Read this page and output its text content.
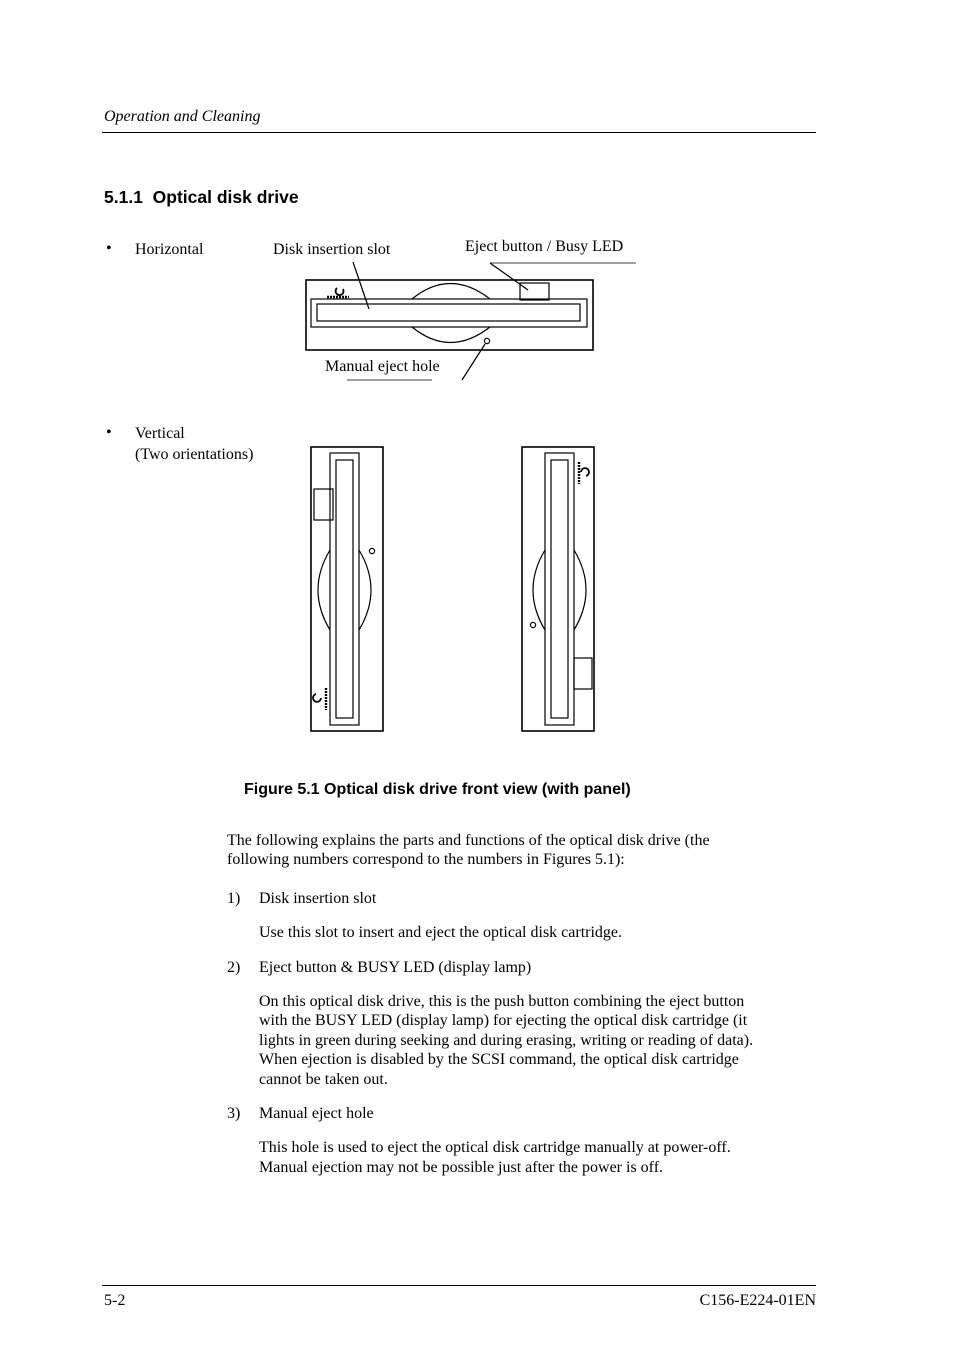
Operation and Cleaning
5.1.1 Optical disk drive
• Horizontal
• Vertical
(Two orientations)
Disk insertion slot	Eject button / Busy LED
Manual eject hole
Figure 5.1 Optical disk drive front view (with panel)
The following explains the parts and functions of the optical disk drive (the
following numbers correspond to the numbers in Figures 5.1):
1) Disk insertion slot
Use this slot to insert and eject the optical disk cartridge.
2) Eject button & BUSY LED (display lamp)
On this optical disk drive, this is the push button combining the eject button
with the BUSY LED (display lamp) for ejecting the optical disk cartridge (it
lights in green during seeking and during erasing, writing or reading of data).
When ejection is disabled by the SCSI command, the optical disk cartridge
cannot be taken out.
3) Manual eject hole
This hole is used to eject the optical disk cartridge manually at power-off.
Manual ejection may not be possible just after the power is off.
5-2	C156-E224-01EN
